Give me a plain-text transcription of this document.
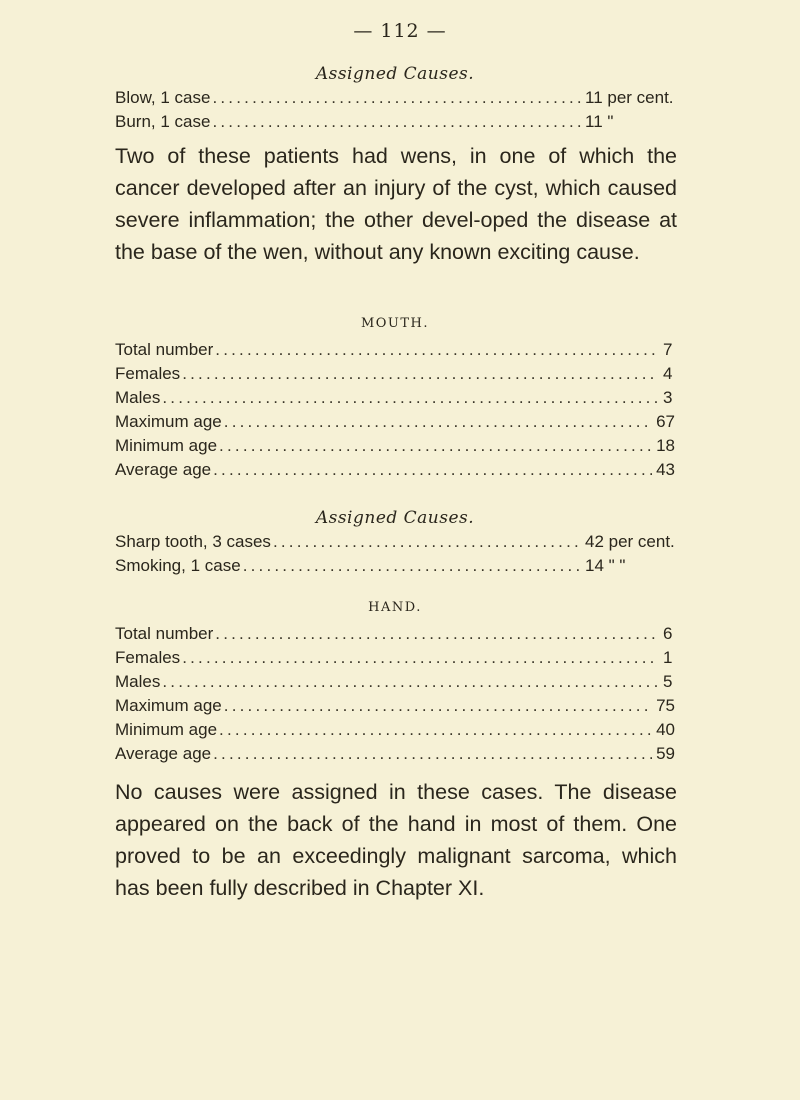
— 112 —
Assigned Causes.
Blow, 1 case .....	11 per cent.
Burn, 1 case .....	11 "

Two of these patients had wens, in one of which the cancer developed after an injury of the cyst, which caused severe inflammation; the other devel-oped the disease at the base of the wen, without any known exciting cause.

MOUTH.
Total number .....	7
Females .....	4
Males .....	3
Maximum age .....	67
Minimum age .....	18
Average age .....	43
Assigned Causes.
Sharp tooth, 3 cases .....	42 per cent.
Smoking, 1 case .....	14 " "
HAND.
Total number .....	6
Females .....	1
Males .....	5
Maximum age .....	75
Minimum age .....	40
Average age .....	59

No causes were assigned in these cases. The disease appeared on the back of the hand in most of them. One proved to be an exceedingly malignant sarcoma, which has been fully described in Chapter XI.
